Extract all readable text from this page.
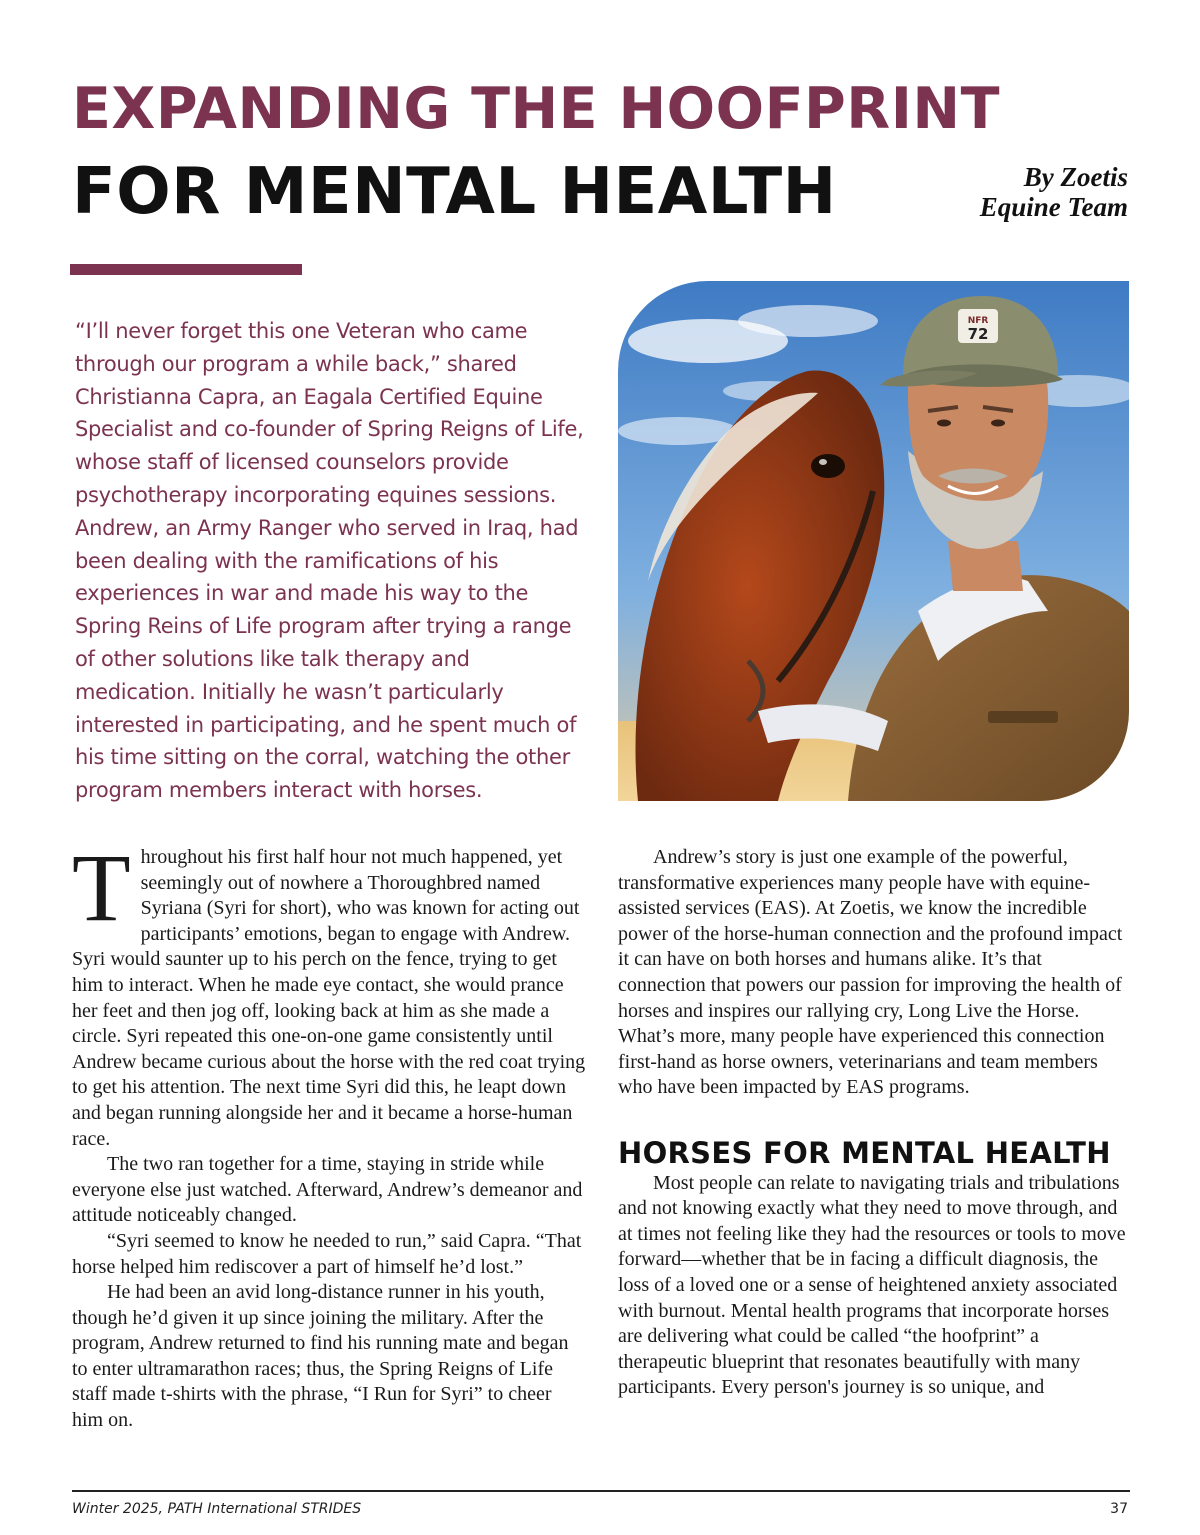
EXPANDING THE HOOFPRINT
FOR MENTAL HEALTH	By Zoetis
Equine Team

“I’ll never forget this one Veteran who came through our program a while back,” shared Christianna Capra, an Eagala Certified Equine Specialist and co-founder of Spring Reigns of Life, whose staff of licensed counselors provide psychotherapy incorporating equines sessions. Andrew, an Army Ranger who served in Iraq, had been dealing with the ramifications of his experiences in war and made his way to the Spring Reins of Life program after trying a range of other solutions like talk therapy and medication. Initially he wasn’t particularly interested in participating, and he spent much of his time sitting on the corral, watching the other program members interact with horses.

NFR
72

Throughout his first half hour not much happened, yet seemingly out of nowhere a Thoroughbred named Syriana (Syri for short), who was known for acting out participants’ emotions, began to engage with Andrew. Syri would saunter up to his perch on the fence, trying to get him to interact. When he made eye contact, she would prance her feet and then jog off, looking back at him as she made a circle. Syri repeated this one-on-one game consistently until Andrew became curious about the horse with the red coat trying to get his attention. The next time Syri did this, he leapt down and began running alongside her and it became a horse-human race.

The two ran together for a time, staying in stride while everyone else just watched. Afterward, Andrew’s demeanor and attitude noticeably changed.

“Syri seemed to know he needed to run,” said Capra. “That horse helped him rediscover a part of himself he’d lost.”

He had been an avid long-distance runner in his youth, though he’d given it up since joining the military. After the program, Andrew returned to find his running mate and began to enter ultramarathon races; thus, the Spring Reigns of Life staff made t-shirts with the phrase, “I Run for Syri” to cheer him on.

Andrew’s story is just one example of the powerful, transformative experiences many people have with equine-assisted services (EAS). At Zoetis, we know the incredible power of the horse-human connection and the profound impact it can have on both horses and humans alike. It’s that connection that powers our passion for improving the health of horses and inspires our rallying cry, Long Live the Horse. What’s more, many people have experienced this connection first-hand as horse owners, veterinarians and team members who have been impacted by EAS programs.

HORSES FOR MENTAL HEALTH

Most people can relate to navigating trials and tribulations and not knowing exactly what they need to move through, and at times not feeling like they had the resources or tools to move forward—whether that be in facing a difficult diagnosis, the loss of a loved one or a sense of heightened anxiety associated with burnout. Mental health programs that incorporate horses are delivering what could be called “the hoofprint” a therapeutic blueprint that resonates beautifully with many participants. Every person's journey is so unique, and

Winter 2025, PATH International STRIDES	37
